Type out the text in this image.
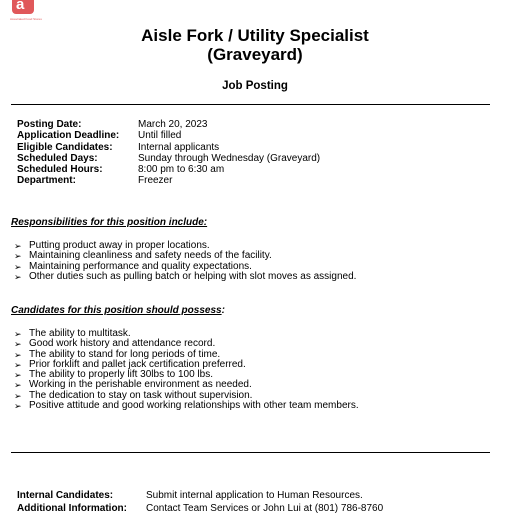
a
Associated Food Stores
Aisle Fork / Utility Specialist
(Graveyard)
Job Posting
Posting Date:	March 20, 2023
Application Deadline:	Until filled
Eligible Candidates:	Internal applicants
Scheduled Days:	Sunday through Wednesday (Graveyard)
Scheduled Hours:	8:00 pm to 6:30 am
Department:	Freezer
Responsibilities for this position include:
➢ Putting product away in proper locations.
➢ Maintaining cleanliness and safety needs of the facility.
➢ Maintaining performance and quality expectations.
➢ Other duties such as pulling batch or helping with slot moves as assigned.
Candidates for this position should possess:
➢ The ability to multitask.
➢ Good work history and attendance record.
➢ The ability to stand for long periods of time.
➢ Prior forklift and pallet jack certification preferred.
➢ The ability to properly lift 30lbs to 100 lbs.
➢ Working in the perishable environment as needed.
➢ The dedication to stay on task without supervision.
➢ Positive attitude and good working relationships with other team members.
Internal Candidates:	Submit internal application to Human Resources.
Additional Information:	Contact Team Services or John Lui at (801) 786-8760
